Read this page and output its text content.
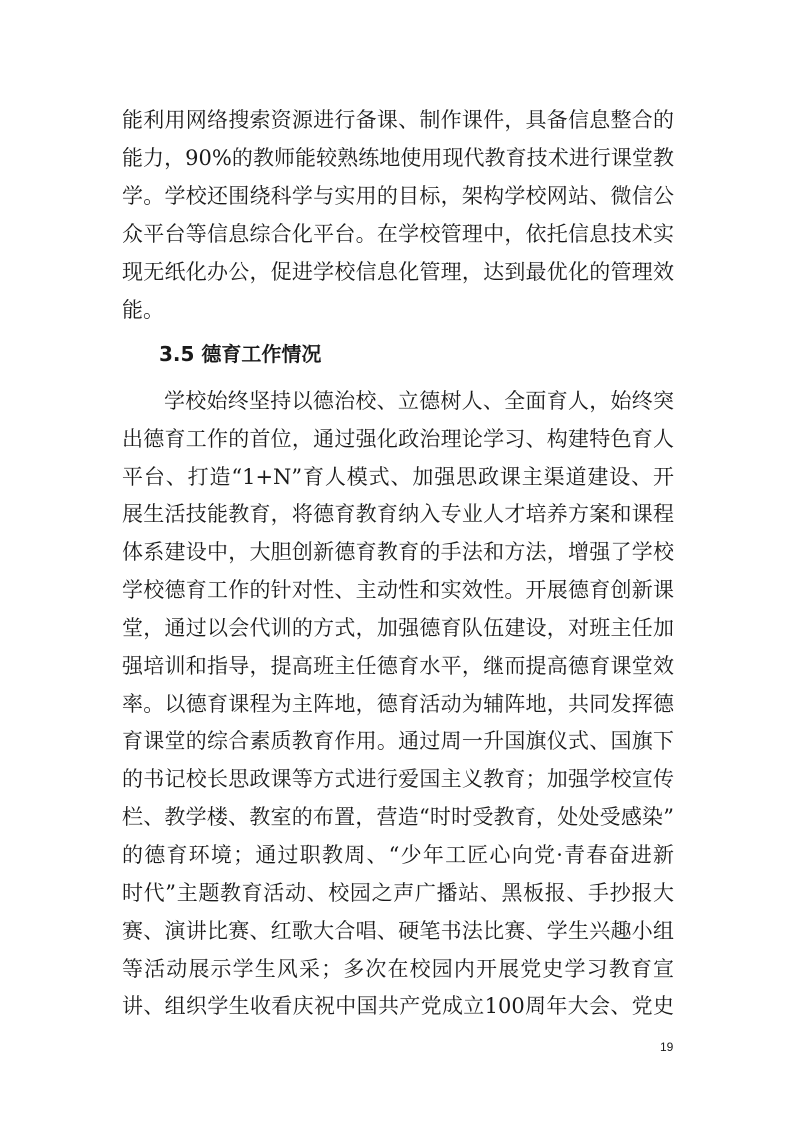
能利用网络搜索资源进行备课、制作课件，具备信息整合的
能力，90%的教师能较熟练地使用现代教育技术进行课堂教
学。学校还围绕科学与实用的目标，架构学校网站、微信公
众平台等信息综合化平台。在学校管理中，依托信息技术实
现无纸化办公，促进学校信息化管理，达到最优化的管理效
能。
3.5 德育工作情况
学校始终坚持以德治校、立德树人、全面育人，始终突
出德育工作的首位，通过强化政治理论学习、构建特色育人
平台、打造“1+N”育人模式、加强思政课主渠道建设、开
展生活技能教育，将德育教育纳入专业人才培养方案和课程
体系建设中，大胆创新德育教育的手法和方法，增强了学校
学校德育工作的针对性、主动性和实效性。开展德育创新课
堂，通过以会代训的方式，加强德育队伍建设，对班主任加
强培训和指导，提高班主任德育水平，继而提高德育课堂效
率。以德育课程为主阵地，德育活动为辅阵地，共同发挥德
育课堂的综合素质教育作用。通过周一升国旗仪式、国旗下
的书记校长思政课等方式进行爱国主义教育；加强学校宣传
栏、教学楼、教室的布置，营造“时时受教育，处处受感染”
的德育环境；通过职教周、“少年工匠心向党·青春奋进新
时代”主题教育活动、校园之声广播站、黑板报、手抄报大
赛、演讲比赛、红歌大合唱、硬笔书法比赛、学生兴趣小组
等活动展示学生风采；多次在校园内开展党史学习教育宣
讲、组织学生收看庆祝中国共产党成立100周年大会、党史
19
